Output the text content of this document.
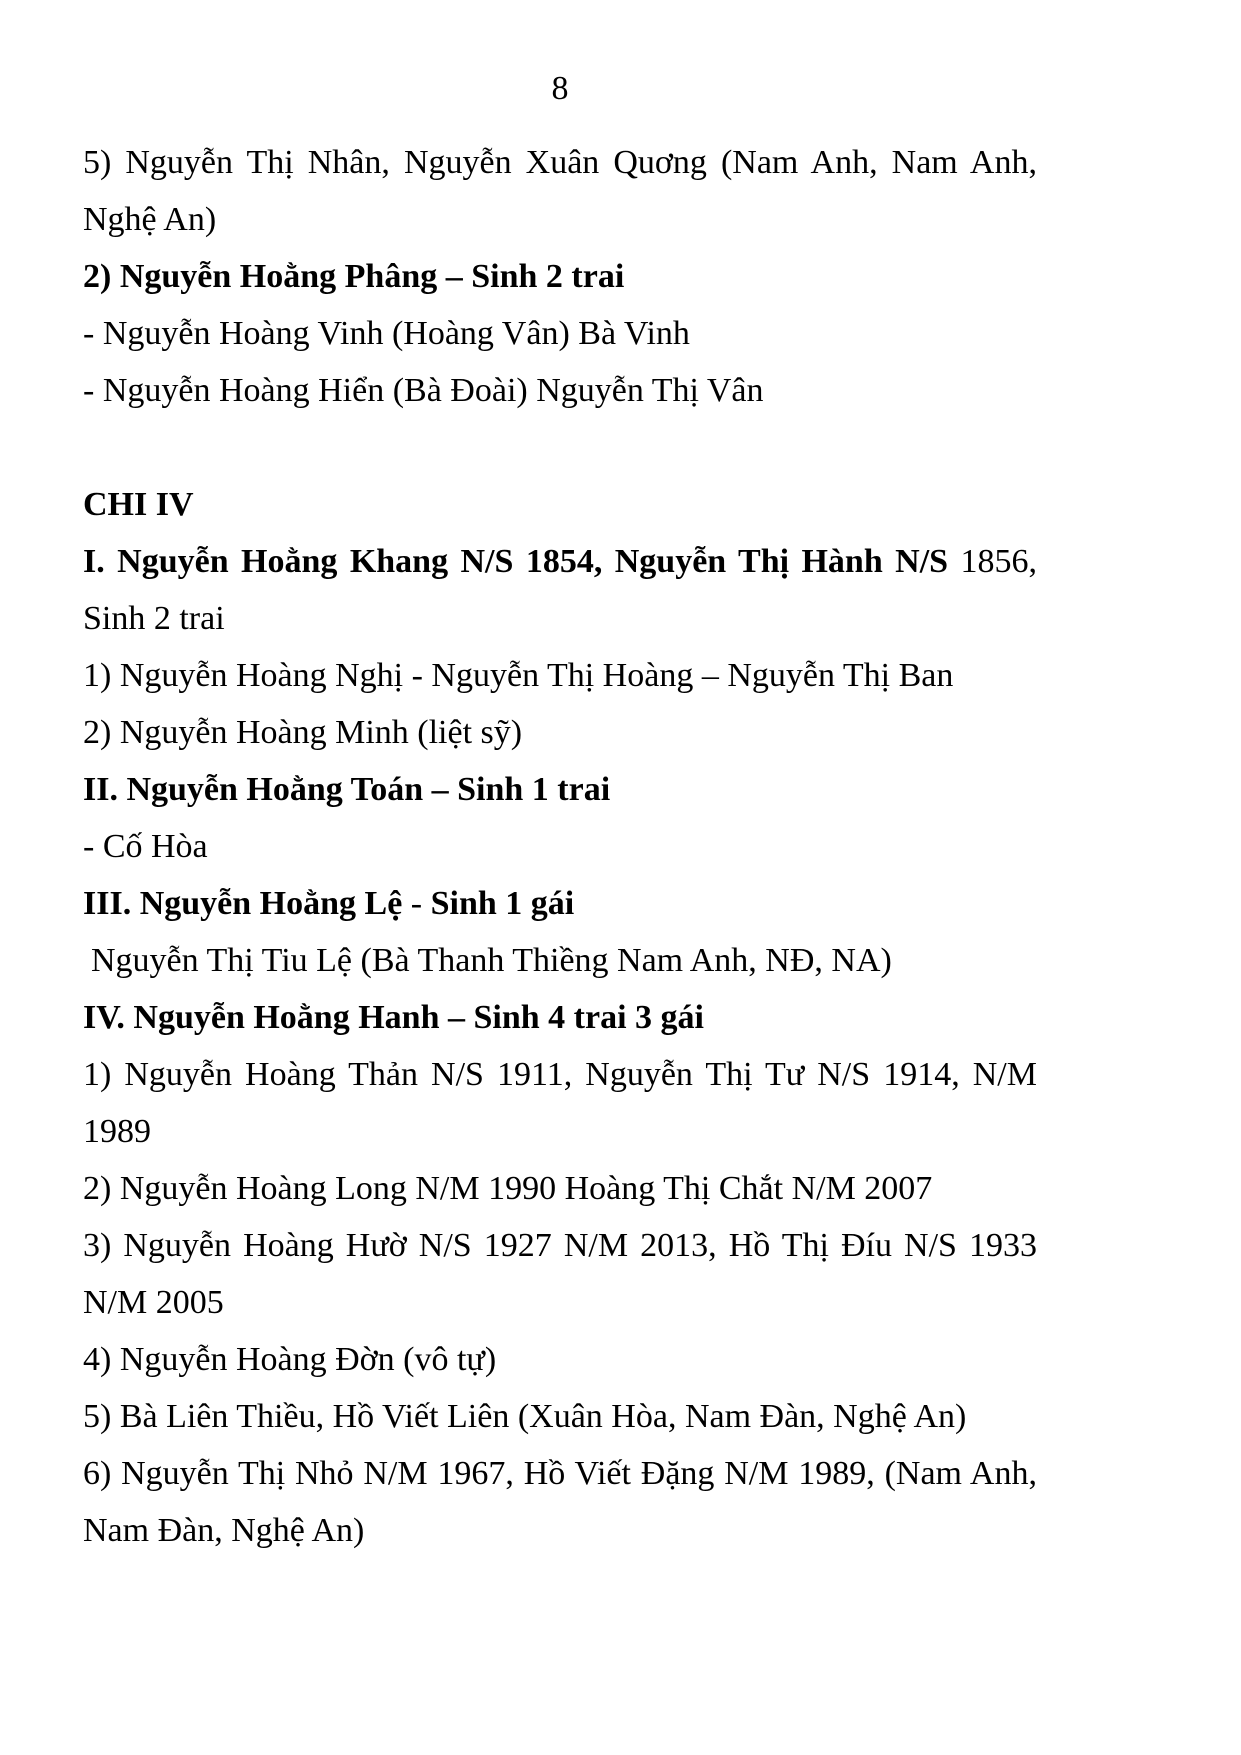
8
5) Nguyễn Thị Nhân, Nguyễn Xuân Quơng (Nam Anh, Nam Anh,
Nghệ An)
2) Nguyễn Hoằng Phâng – Sinh 2 trai
- Nguyễn Hoàng Vinh (Hoàng Vân) Bà Vinh
- Nguyễn Hoàng Hiển (Bà Đoài) Nguyễn Thị Vân
CHI IV
I. Nguyễn Hoằng Khang N/S 1854, Nguyễn Thị Hành N/S 1856,
Sinh 2 trai
1) Nguyễn Hoàng Nghị - Nguyễn Thị Hoàng – Nguyễn Thị Ban
2) Nguyễn Hoàng Minh (liệt sỹ)
II. Nguyễn Hoằng Toán – Sinh 1 trai
- Cố Hòa
III. Nguyễn Hoằng Lệ - Sinh 1 gái
Nguyễn Thị Tiu Lệ (Bà Thanh Thiềng Nam Anh, NĐ, NA)
IV. Nguyễn Hoằng Hanh – Sinh 4 trai 3 gái
1) Nguyễn Hoàng Thản N/S 1911, Nguyễn Thị Tư N/S 1914, N/M
1989
2) Nguyễn Hoàng Long N/M 1990 Hoàng Thị Chắt N/M 2007
3) Nguyễn Hoàng Hườ N/S 1927 N/M 2013, Hồ Thị Đíu N/S 1933
N/M 2005
4) Nguyễn Hoàng Đờn (vô tự)
5) Bà Liên Thiều, Hồ Viết Liên (Xuân Hòa, Nam Đàn, Nghệ An)
6) Nguyễn Thị Nhỏ N/M 1967, Hồ Viết Đặng N/M 1989, (Nam Anh,
Nam Đàn, Nghệ An)
